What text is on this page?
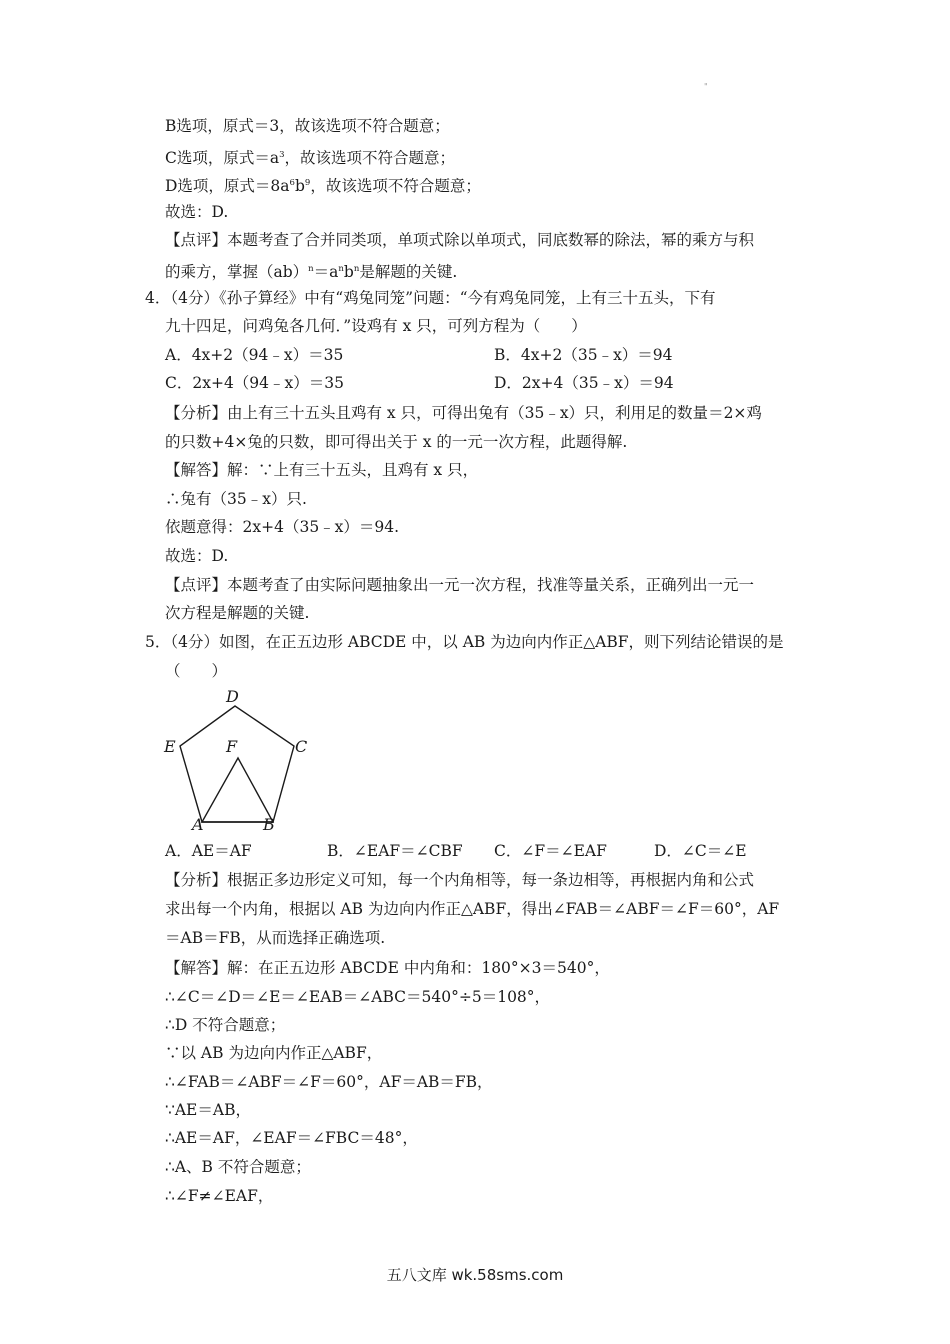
"
B选项，原式＝3，故该选项不符合题意；
C选项，原式$=a^3$，故该选项不符合题意；
D选项，原式$=8a^6b^9$，故该选项不符合题意；
故选：D.
【点评】本题考查了合并同类项，单项式除以单项式，同底数幂的除法，幂的乘方与积
的乘方，掌握$(ab)^n=a^nb^n$是解题的关键.
4．（4分）《孙子算经》中有“鸡兔同笼”问题：“今有鸡兔同笼，上有三十五头，下有
九十四足，问鸡兔各几何．”设鸡有 x 只，可列方程为（　　）
A．4x+2（94﹣x）＝35	B．4x+2（35﹣x）＝94
C．2x+4（94﹣x）＝35	D．2x+4（35﹣x）＝94
【分析】由上有三十五头且鸡有 x 只，可得出兔有（35﹣x）只，利用足的数量＝2×鸡
的只数+4×兔的只数，即可得出关于 x 的一元一次方程，此题得解.
【解答】解：∵上有三十五头，且鸡有 x 只，
∴兔有（35﹣x）只.
依题意得：2x+4（35﹣x）＝94.
故选：D.
【点评】本题考查了由实际问题抽象出一元一次方程，找准等量关系，正确列出一元一
次方程是解题的关键.
5．（4分）如图，在正五边形 ABCDE 中，以 AB 为边向内作正△ABF，则下列结论错误的是
（　　）
D
E	C
F
A	B
A．AE＝AF	B．∠EAF＝∠CBF C．∠F＝∠EAF	D．∠C＝∠E
【分析】根据正多边形定义可知，每一个内角相等，每一条边相等，再根据内角和公式
求出每一个内角，根据以 AB 为边向内作正△ABF，得出∠FAB＝∠ABF＝∠F＝60°，AF
＝AB＝FB，从而选择正确选项.
【解答】解：在正五边形 ABCDE 中内角和：180°×3＝540°，
∴∠C＝∠D＝∠E＝∠EAB＝∠ABC＝540°÷5＝108°，
∴D 不符合题意；
∵以 AB 为边向内作正△ABF，
∴∠FAB＝∠ABF＝∠F＝60°，AF＝AB＝FB，
∵AE＝AB，
∴AE＝AF，∠EAF＝∠FBC＝48°，
∴A、B 不符合题意；
∴∠F≠∠EAF，
五八文库 wk.58sms.com
